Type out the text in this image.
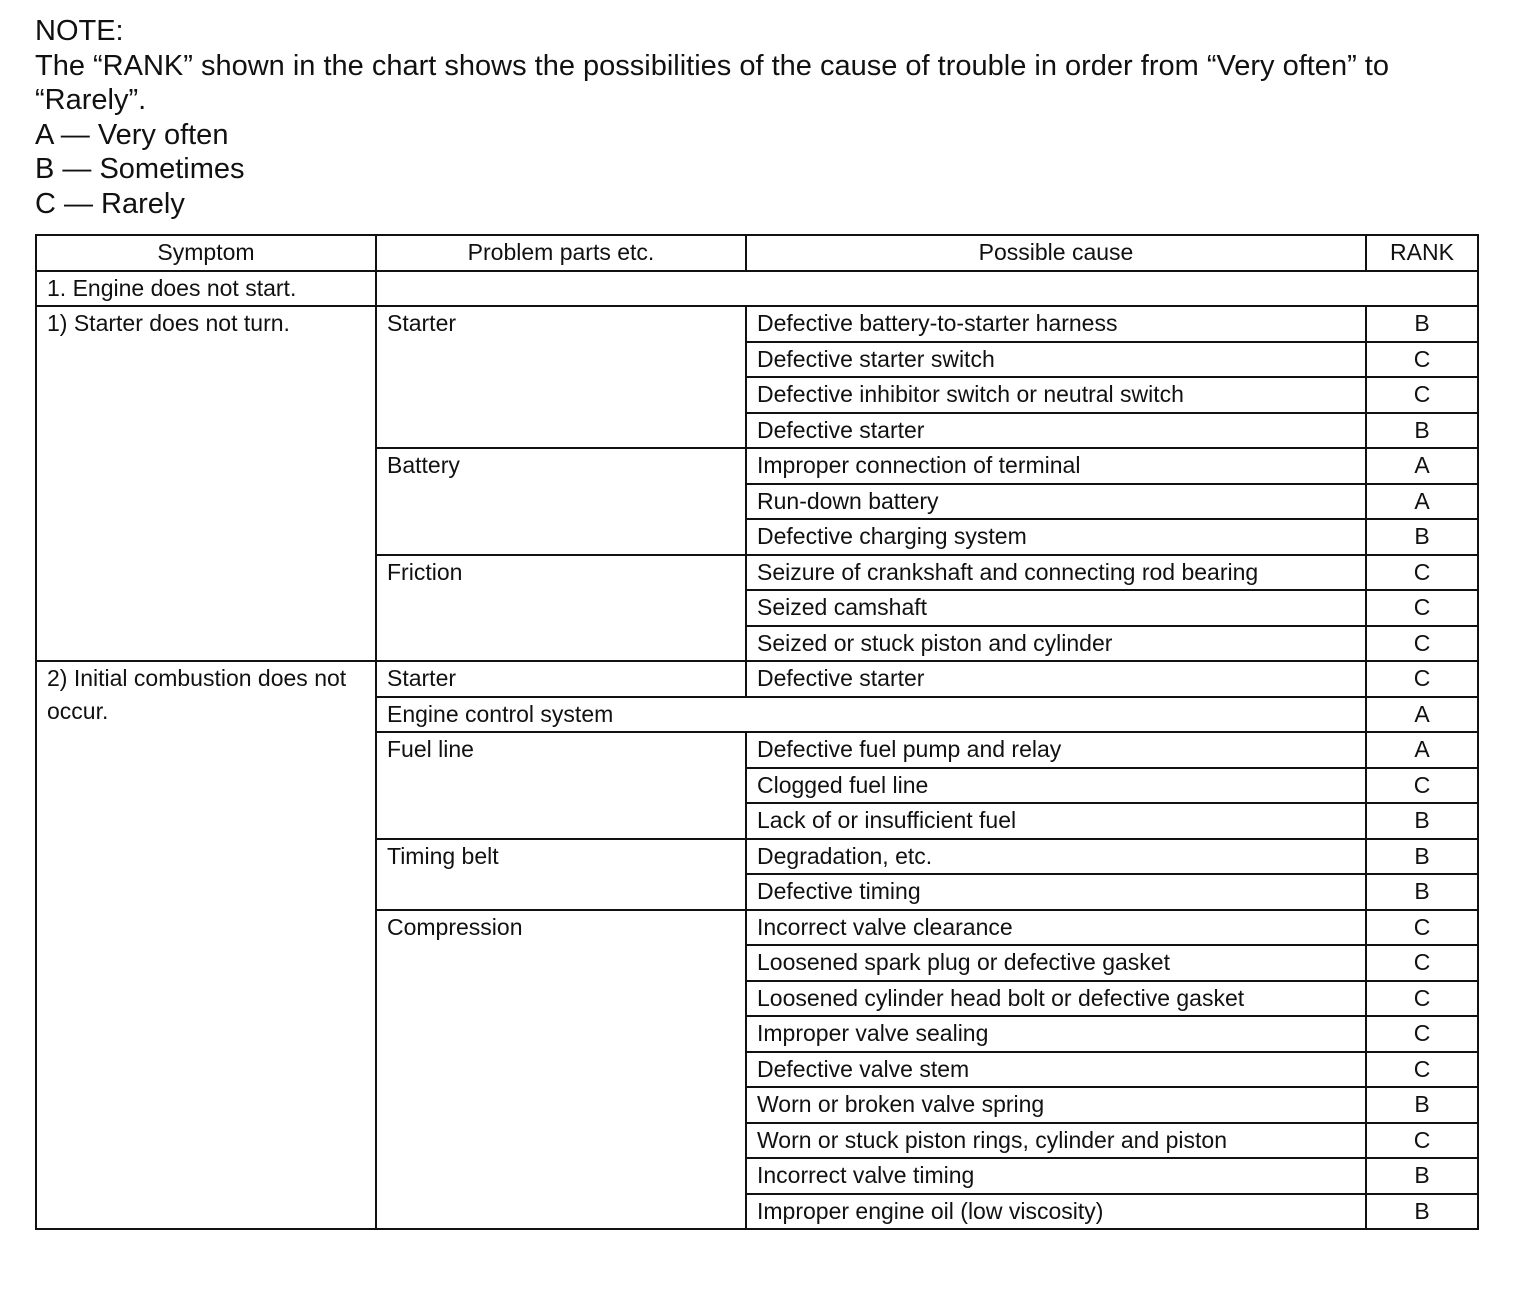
NOTE:
The “RANK” shown in the chart shows the possibilities of the cause of trouble in order from “Very often” to
“Rarely”.
A — Very often
B — Sometimes
C — Rarely
Symptom	Problem parts etc.	Possible cause	RANK
1. Engine does not start.			
1) Starter does not turn.	Starter	Defective battery-to-starter harness	B
		Defective starter switch	C
		Defective inhibitor switch or neutral switch	C
		Defective starter	B
	Battery	Improper connection of terminal	A
		Run-down battery	A
		Defective charging system	B
	Friction	Seizure of crankshaft and connecting rod bearing	C
		Seized camshaft	C
		Seized or stuck piston and cylinder	C
2) Initial combustion does not occur.	Starter	Defective starter	C
	Engine control system		A
	Fuel line	Defective fuel pump and relay	A
		Clogged fuel line	C
		Lack of or insufficient fuel	B
	Timing belt	Degradation, etc.	B
		Defective timing	B
	Compression	Incorrect valve clearance	C
		Loosened spark plug or defective gasket	C
		Loosened cylinder head bolt or defective gasket	C
		Improper valve sealing	C
		Defective valve stem	C
		Worn or broken valve spring	B
		Worn or stuck piston rings, cylinder and piston	C
		Incorrect valve timing	B
		Improper engine oil (low viscosity)	B
